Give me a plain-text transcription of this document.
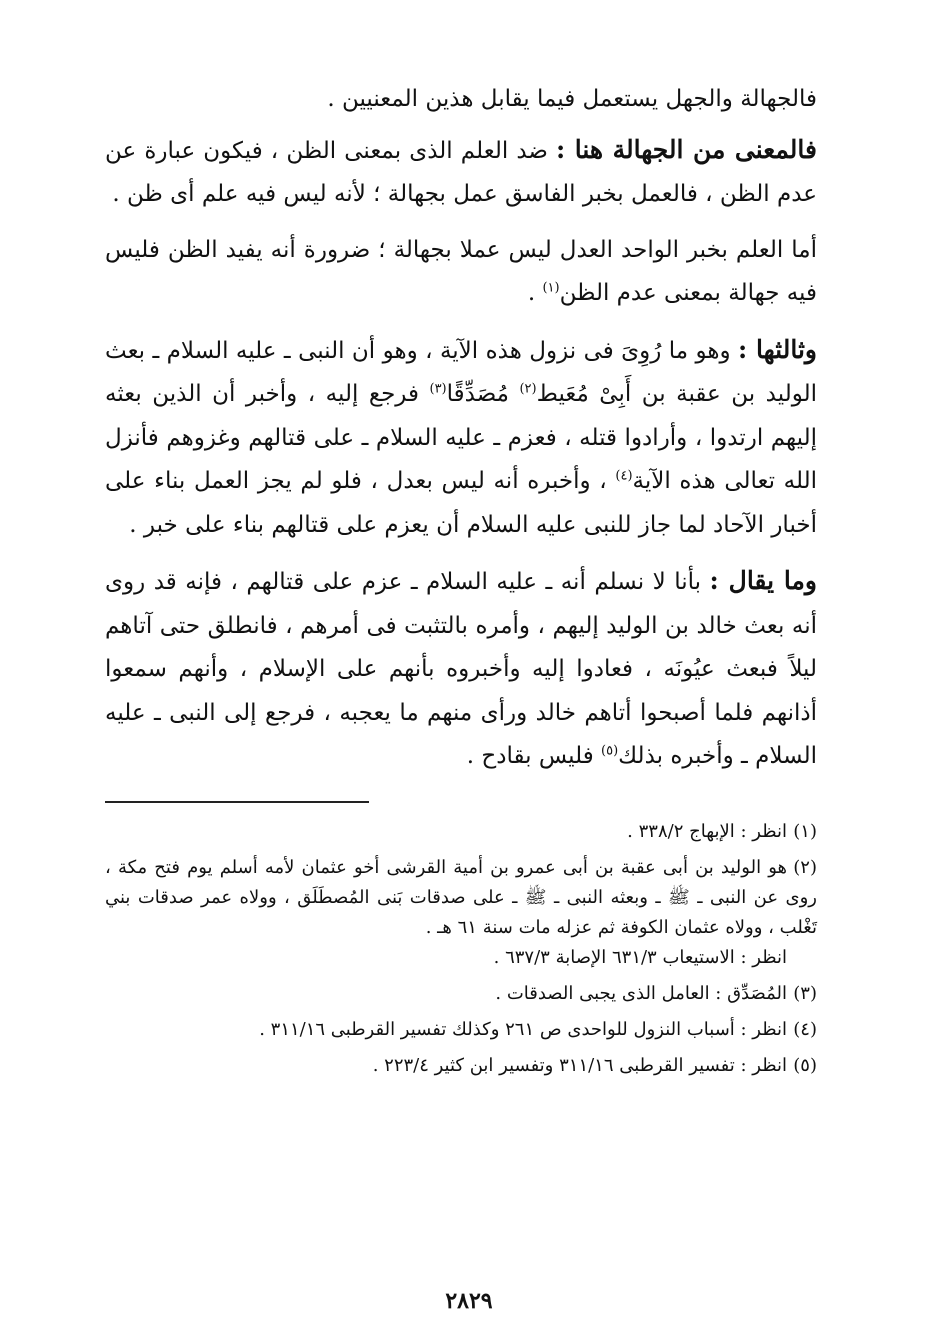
فالجهالة والجهل يستعمل فيما يقابل هذين المعنيين .

فالمعنى من الجهالة هنا : ضد العلم الذى بمعنى الظن ، فيكون عبارة عن عدم الظن ، فالعمل بخبر الفاسق عمل بجهالة ؛ لأنه ليس فيه علم أى ظن .

أما العلم بخبر الواحد العدل ليس عملا بجهالة ؛ ضرورة أنه يفيد الظن فليس فيه جهالة بمعنى عدم الظن$^{(١)}$ .

وثالثها : وهو ما رُوِىَ فى نزول هذه الآية ، وهو أن النبى ـ عليه السلام ـ بعث الوليد بن عقبة بن أَبِىْ مُعَيط$^{(٢)}$ مُصَدِّقًا$^{(٣)}$ فرجع إليه ، وأخبر أن الذين بعثه إليهم ارتدوا ، وأرادوا قتله ، فعزم ـ عليه السلام ـ على قتالهم وغزوهم فأنزل الله تعالى هذه الآية$^{(٤)}$ ، وأخبره أنه ليس بعدل ، فلو لم يجز العمل بناء على أخبار الآحاد لما جاز للنبى عليه السلام أن يعزم على قتالهم بناء على خبر .

وما يقال : بأنا لا نسلم أنه ـ عليه السلام ـ عزم على قتالهم ، فإنه قد روى أنه بعث خالد بن الوليد إليهم ، وأمره بالتثبت فى أمرهم ، فانطلق حتى آتاهم ليلاً فبعث عيُونَه ، فعادوا إليه وأخبروه بأنهم على الإسلام ، وأنهم سمعوا أذانهم فلما أصبحوا أتاهم خالد ورأى منهم ما يعجبه ، فرجع إلى النبى ـ عليه السلام ـ وأخبره بذلك$^{(٥)}$ فليس بقادح .

(١)انظر : الإبهاج ٣٣٨/٢ .

(٢)هو الوليد بن أبى عقبة بن أبى عمرو بن أمية القرشى أخو عثمان لأمه أسلم يوم فتح مكة ، روى عن النبى ـ ﷺ ـ وبعثه النبى ـ ﷺ ـ على صدقات بَنى المُصطَلَق ، وولاه عمر صدقات بني تَغْلب ، وولاه عثمان الكوفة ثم عزله مات سنة ٦١ هـ .

انظر : الاستيعاب ٦٣١/٣ الإصابة ٦٣٧/٣ .

(٣)المُصَدِّق : العامل الذى يجبى الصدقات .

(٤)انظر : أسباب النزول للواحدى ص ٢٦١ وكذلك تفسير القرطبى ٣١١/١٦ .

(٥)انظر : تفسير القرطبى ٣١١/١٦ وتفسير ابن كثير ٢٢٣/٤ .

٢٨٢٩
